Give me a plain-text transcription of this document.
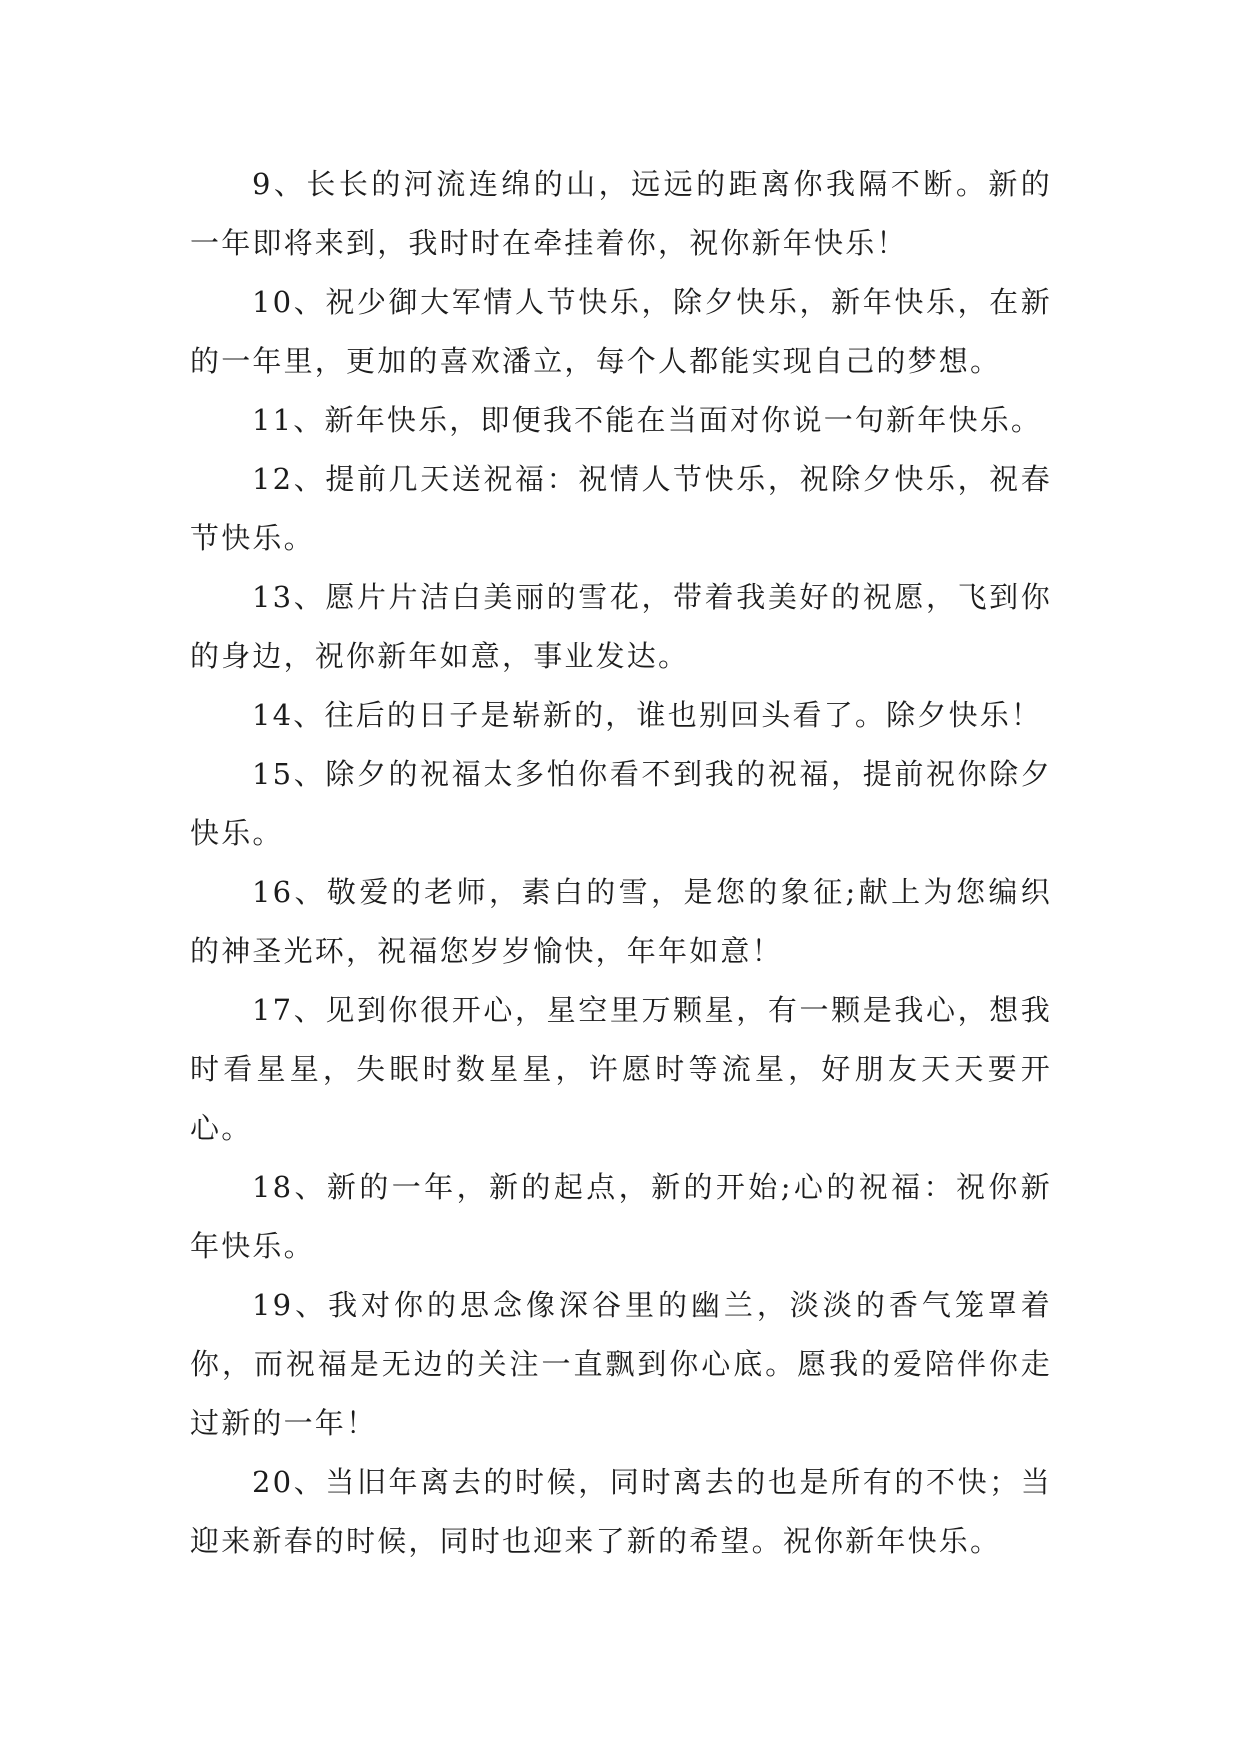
9、长长的河流连绵的山，远远的距离你我隔不断。新的一年即将来到，我时时在牵挂着你，祝你新年快乐！

10、祝少御大军情人节快乐，除夕快乐，新年快乐，在新的一年里，更加的喜欢潘立，每个人都能实现自己的梦想。

11、新年快乐，即便我不能在当面对你说一句新年快乐。

12、提前几天送祝福：祝情人节快乐，祝除夕快乐，祝春节快乐。

13、愿片片洁白美丽的雪花，带着我美好的祝愿，飞到你的身边，祝你新年如意，事业发达。

14、往后的日子是崭新的，谁也别回头看了。除夕快乐！

15、除夕的祝福太多怕你看不到我的祝福，提前祝你除夕快乐。

16、敬爱的老师，素白的雪，是您的象征;献上为您编织的神圣光环，祝福您岁岁愉快，年年如意！

17、见到你很开心，星空里万颗星，有一颗是我心，想我时看星星，失眠时数星星，许愿时等流星，好朋友天天要开心。

18、新的一年，新的起点，新的开始;心的祝福：祝你新年快乐。

19、我对你的思念像深谷里的幽兰，淡淡的香气笼罩着你，而祝福是无边的关注一直飘到你心底。愿我的爱陪伴你走过新的一年！

20、当旧年离去的时候，同时离去的也是所有的不快；当迎来新春的时候，同时也迎来了新的希望。祝你新年快乐。
